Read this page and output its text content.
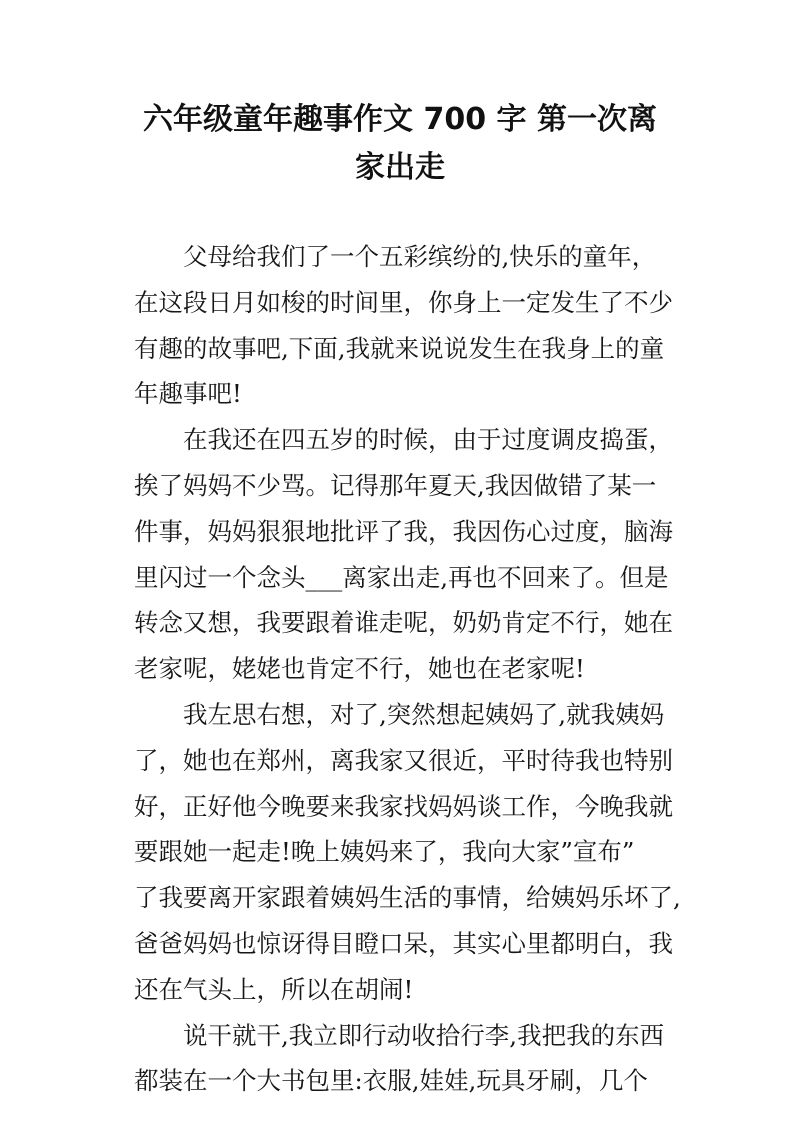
六年级童年趣事作文 700 字 第一次离
家出走
父母给我们了一个五彩缤纷的,快乐的童年，
在这段日月如梭的时间里，你身上一定发生了不少
有趣的故事吧,下面,我就来说说发生在我身上的童
年趣事吧!
在我还在四五岁的时候，由于过度调皮捣蛋，
挨了妈妈不少骂。记得那年夏天,我因做错了某一
件事，妈妈狠狠地批评了我，我因伤心过度，脑海
里闪过一个念头___离家出走,再也不回来了。但是
转念又想，我要跟着谁走呢，奶奶肯定不行，她在
老家呢，姥姥也肯定不行，她也在老家呢!
我左思右想，对了,突然想起姨妈了,就我姨妈
了，她也在郑州，离我家又很近，平时待我也特别
好，正好他今晚要来我家找妈妈谈工作，今晚我就
要跟她一起走!晚上姨妈来了，我向大家”宣布”
了我要离开家跟着姨妈生活的事情，给姨妈乐坏了,
爸爸妈妈也惊讶得目瞪口呆，其实心里都明白，我
还在气头上，所以在胡闹!
说干就干,我立即行动收拾行李,我把我的东西
都装在一个大书包里:衣服,娃娃,玩具牙刷，几个
